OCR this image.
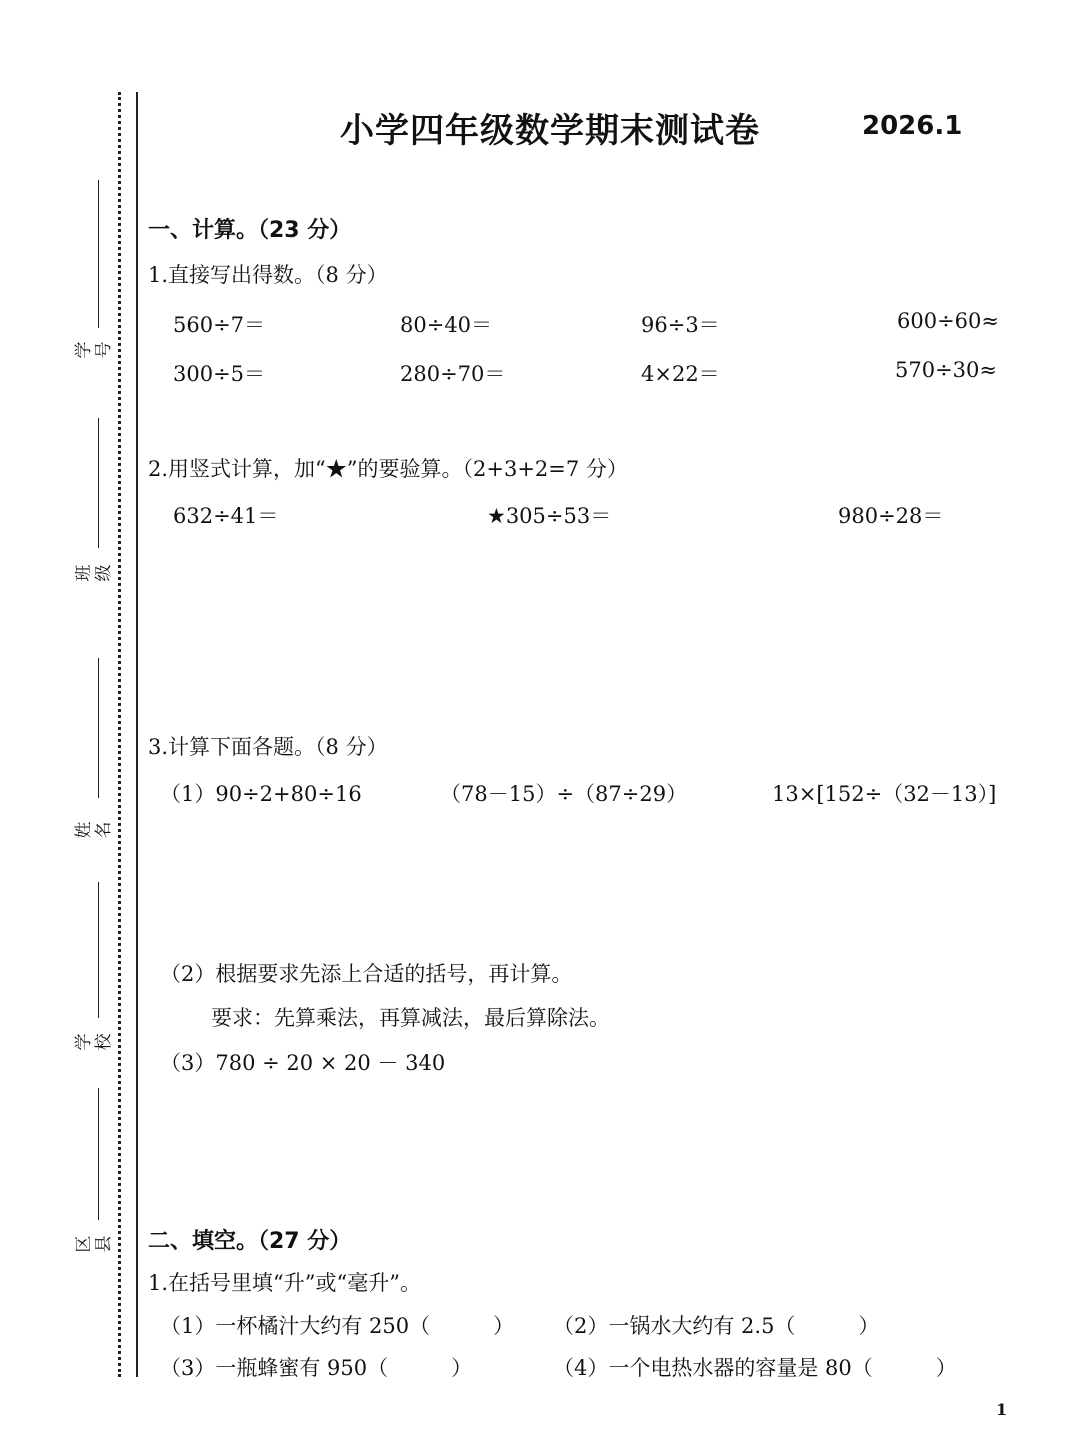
学号
班级
姓名
学校
区县
小学四年级数学期末测试卷	2026.1
一、计算。（23 分）
1.直接写出得数。（8 分）
560÷7＝	80÷40＝	96÷3＝	600÷60≈
300÷5＝	280÷70＝	4×22＝	570÷30≈
2.用竖式计算，加“★”的要验算。（2+3+2=7 分）
632÷41＝	★305÷53＝	980÷28＝
3.计算下面各题。（8 分）
（1）90÷2+80÷16	（78－15）÷（87÷29）	13×[152÷（32－13）]
（2）根据要求先添上合适的括号，再计算。
要求：先算乘法，再算减法，最后算除法。
（3）780 ÷ 20 × 20 － 340
二、填空。（27 分）
1.在括号里填“升”或“毫升”。
（1）一杯橘汁大约有 250（　　　） （2）一锅水大约有 2.5（　　　）
（3）一瓶蜂蜜有 950（　　　）	（4）一个电热水器的容量是 80（　　　）
1
